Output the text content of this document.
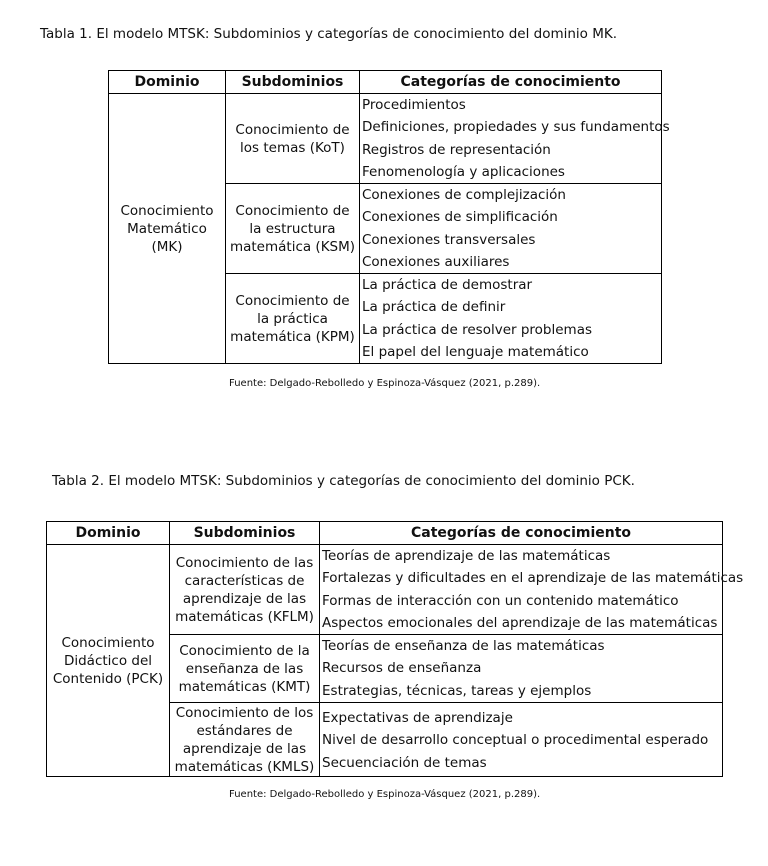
Tabla 1. El modelo MTSK: Subdominios y categorías de conocimiento del dominio MK.
Dominio	Subdominios	Categorías de conocimiento
Conocimiento Matemático (MK)	Conocimiento de los temas (KoT)	Procedimientos
Definiciones, propiedades y sus fundamentos
Registros de representación
Fenomenología y aplicaciones

	Conocimiento de la estructura matemática (KSM)	Conexiones de complejización
Conexiones de simplificación
Conexiones transversales
Conexiones auxiliares

	Conocimiento de la práctica matemática (KPM)	La práctica de demostrar
La práctica de definir
La práctica de resolver problemas
El papel del lenguaje matemático
Fuente: Delgado-Rebolledo y Espinoza-Vásquez (2021, p.289).
Tabla 2. El modelo MTSK: Subdominios y categorías de conocimiento del dominio PCK.
Dominio	Subdominios	Categorías de conocimiento
Conocimiento Didáctico del Contenido (PCK)	Conocimiento de las características de aprendizaje de las matemáticas (KFLM)	Teorías de aprendizaje de las matemáticas
Fortalezas y dificultades en el aprendizaje de las matemáticas
Formas de interacción con un contenido matemático
Aspectos emocionales del aprendizaje de las matemáticas

	Conocimiento de la enseñanza de las matemáticas (KMT)	Teorías de enseñanza de las matemáticas
Recursos de enseñanza
Estrategias, técnicas, tareas y ejemplos

	Conocimiento de los estándares de aprendizaje de las matemáticas (KMLS)	Expectativas de aprendizaje
Nivel de desarrollo conceptual o procedimental esperado
Secuenciación de temas
Fuente: Delgado-Rebolledo y Espinoza-Vásquez (2021, p.289).
